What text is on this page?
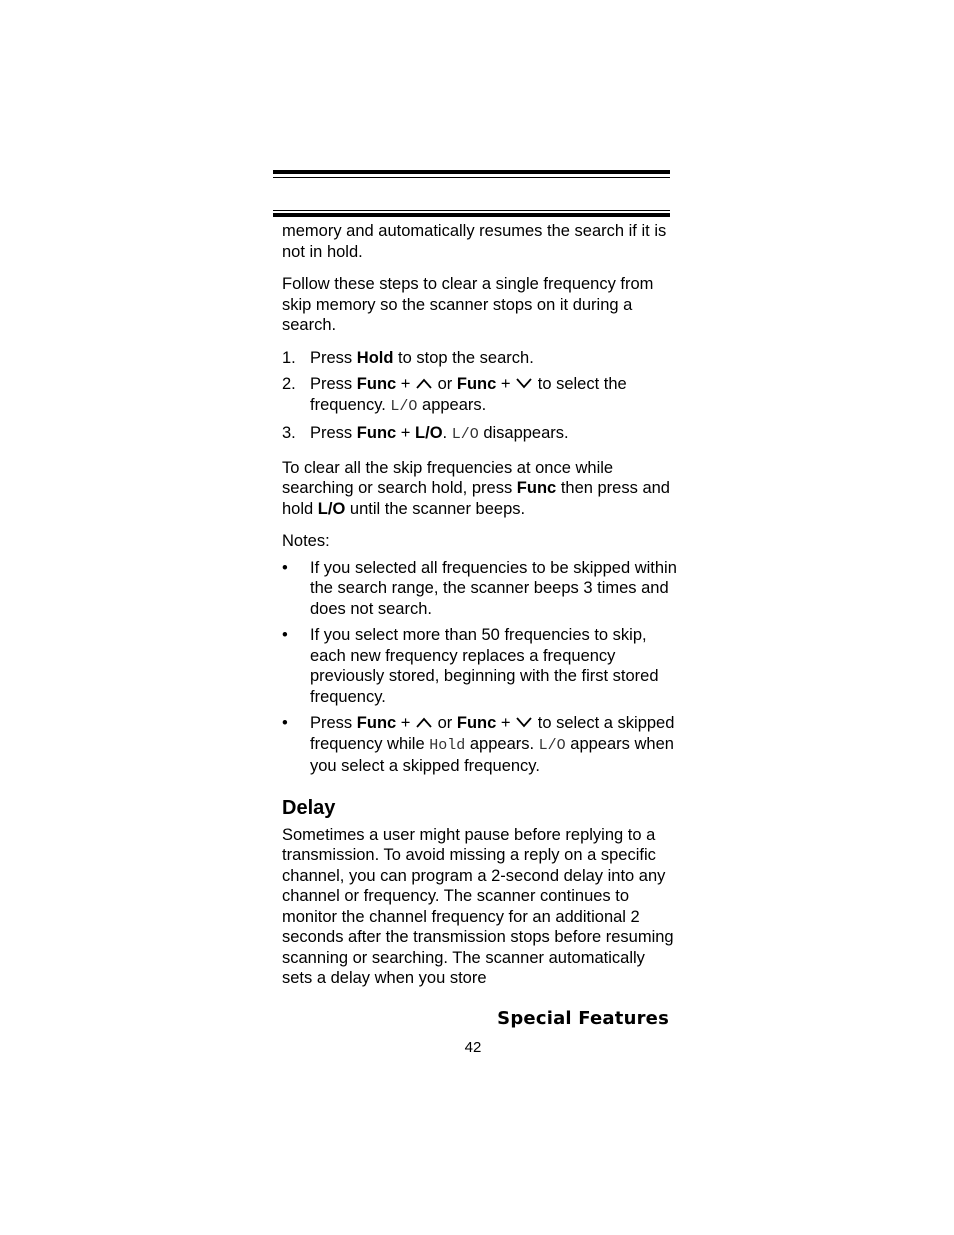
memory and automatically resumes the search if it is not in hold.

Follow these steps to clear a single frequency from skip memory so the scanner stops on it during a search.

1. Press Hold to stop the search.
2. Press Func + or Func + to select the frequency. L/O appears.
3. Press Func + L/O. L/O disappears.

To clear all the skip frequencies at once while searching or search hold, press Func then press and hold L/O until the scanner beeps.

Notes:

• If you selected all frequencies to be skipped within the search range, the scanner beeps 3 times and does not search.
• If you select more than 50 frequencies to skip, each new frequency replaces a frequency previously stored, beginning with the first stored frequency.
• Press Func + or Func + to select a skipped frequency while Hold appears. L/O appears when you select a skipped frequency.
Delay

Sometimes a user might pause before replying to a transmission. To avoid missing a reply on a specific channel, you can program a 2-second delay into any channel or frequency. The scanner continues to monitor the channel frequency for an additional 2 seconds after the transmission stops before resuming scanning or searching. The scanner automatically sets a delay when you store

Special Features
42
